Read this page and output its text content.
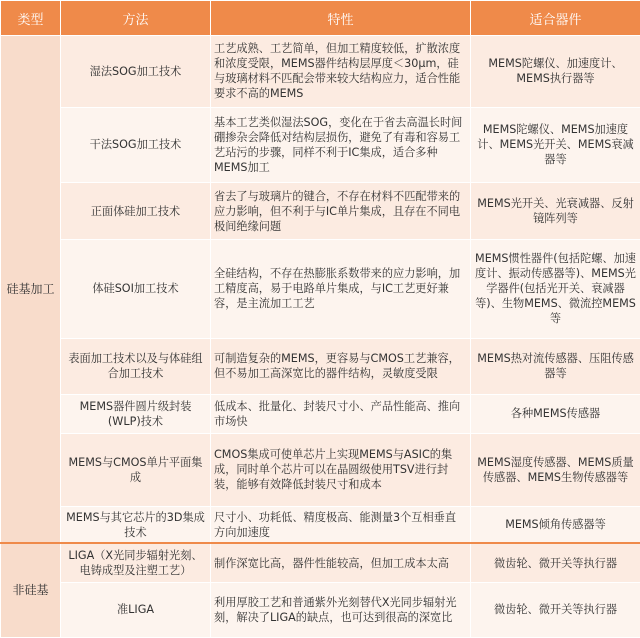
类型	方法	特性	适合器件
硅基加工	湿法SOG加工技术	工艺成熟、工艺简单，但加工精度较低，扩散浓度和浓度受限，MEMS器件结构层厚度＜30μm，硅与玻璃材料不匹配会带来较大结构应力，适合性能要求不高的MEMS	MEMS陀螺仪、加速度计、MEMS执行器等
	干法SOG加工技术	基本工艺类似湿法SOG，变化在于省去高温长时间硼掺杂会降低对结构层损伤，避免了有毒和容易工艺玷污的步骤，同样不利于IC集成，适合多种MEMS加工	MEMS陀螺仪、MEMS加速度计、MEMS光开关、MEMS衰减器等
	正面体硅加工技术	省去了与玻璃片的键合，不存在材料不匹配带来的应力影响，但不利于与IC单片集成，且存在不同电极间绝缘问题	MEMS光开关、光衰减器、反射镜阵列等
	体硅SOI加工技术	全硅结构，不存在热膨胀系数带来的应力影响，加工精度高，易于电路单片集成，与IC工艺更好兼容，是主流加工工艺	MEMS惯性器件(包括陀螺、加速度计、振动传感器等)、MEMS光学器件(包括光开关、衰减器等)、生物MEMS、微流控MEMS等
	表面加工技术以及与体硅组合加工技术	可制造复杂的MEMS，更容易与CMOS工艺兼容，但不易加工高深宽比的器件结构，灵敏度受限	MEMS热对流传感器、压阻传感器等
	MEMS器件圆片级封装(WLP)技术	低成本、批量化、封装尺寸小、产品性能高、推向市场快	各种MEMS传感器
	MEMS与CMOS单片平面集成	CMOS集成可使单芯片上实现MEMS与ASIC的集成，同时单个芯片可以在晶圆级使用TSV进行封装，能够有效降低封装尺寸和成本	MEMS湿度传感器、MEMS质量传感器、MEMS生物传感器等
	MEMS与其它芯片的3D集成技术	尺寸小、功耗低、精度极高、能测量3个互相垂直方向加速度	MEMS倾角传感器等
非硅基	LIGA（X光同步辐射光刻、电铸成型及注塑工艺）	制作深宽比高，器件性能较高，但加工成本太高	微齿轮、微开关等执行器
	准LIGA	利用厚胶工艺和普通紫外光刻替代X光同步辐射光刻，解决了LIGA的缺点，也可达到很高的深宽比	微齿轮、微开关等执行器
